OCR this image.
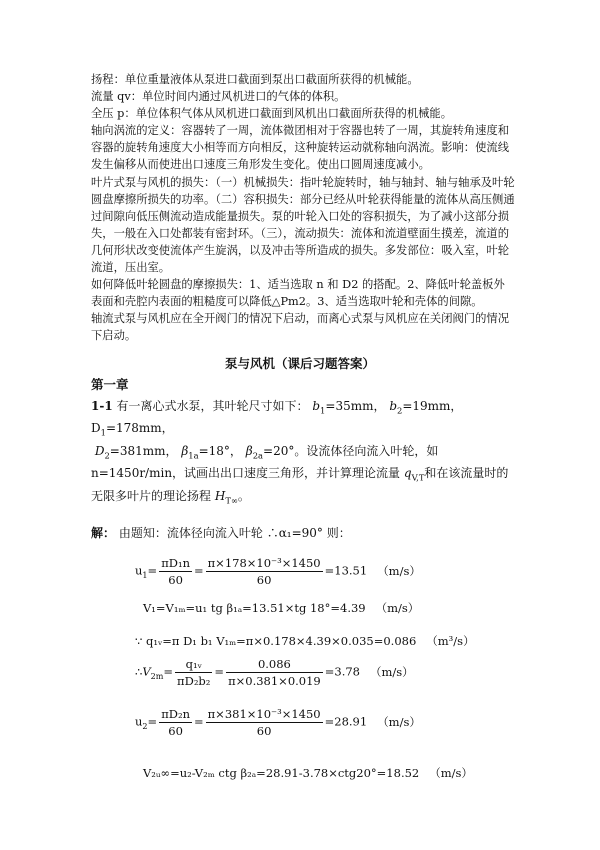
扬程：单位重量液体从泵进口截面到泵出口截面所获得的机械能。

流量 qv：单位时间内通过风机进口的气体的体积。

全压 p：单位体积气体从风机进口截面到风机出口截面所获得的机械能。

轴向涡流的定义：容器转了一周，流体微团相对于容器也转了一周，其旋转角速度和容器的旋转角速度大小相等而方向相反，这种旋转运动就称轴向涡流。影响：使流线发生偏移从而使进出口速度三角形发生变化。使出口圆周速度减小。

叶片式泵与风机的损失：（一）机械损失：指叶轮旋转时，轴与轴封、轴与轴承及叶轮圆盘摩擦所损失的功率。（二）容积损失：部分已经从叶轮获得能量的流体从高压侧通过间隙向低压侧流动造成能量损失。泵的叶轮入口处的容积损失，为了减小这部分损失，一般在入口处都装有密封环。（三），流动损失：流体和流道壁面生摸差，流道的几何形状改变使流体产生旋涡，以及冲击等所造成的损失。多发部位：吸入室，叶轮流道，压出室。

如何降低叶轮圆盘的摩擦损失：1、适当选取 n 和 D2 的搭配。2、降低叶轮盖板外表面和壳腔内表面的粗糙度可以降低△Pm2。3、适当选取叶轮和壳体的间隙。

轴流式泵与风机应在全开阀门的情况下启动，而离心式泵与风机应在关闭阀门的情况下启动。

泵与风机（课后习题答案）
第一章
1-1 有一离心式水泵，其叶轮尺寸如下： $b_1=35mm$， $b_2=19mm$， $D_1=178mm$，
$D_2=381mm$， $\beta_{1a}=18^\circ$， $\beta_{2a}=20^\circ$。设流体径向流入叶轮，如 n=1450r/min，试画出出口速度三角形，并计算理论流量 $q_{V,T}$和在该流量时的无限多叶片的理论扬程 $H_{T\infty}$。
解： 由题知：流体径向流入叶轮 ∴α₁=90° 则：
$u_1= \frac{\text{πD₁n}}{60} = \frac{\text{π×178×10⁻³×1450}}{60} =13.51$ （m/s）
V₁=V₁ₘ=u₁ tg β₁ₐ=13.51×tg 18°=4.39 （m/s）
∵ q₁ᵥ=π D₁ b₁ V₁ₘ=π×0.178×4.39×0.035=0.086 （m³/s）
$\therefore V_{2m}= \frac{\text{q₁ᵥ}}{\text{πD₂b₂}} = \frac{0.086}{\pi\times 0.381\times 0.019} =3.78$ （m/s）
$u_2= \frac{\text{πD₂n}}{60} = \frac{\text{π×381×10⁻³×1450}}{60} =28.91$ （m/s）
V₂ᵤ∞=u₂-V₂ₘ ctg β₂ₐ=28.91-3.78×ctg20°=18.52 （m/s）
